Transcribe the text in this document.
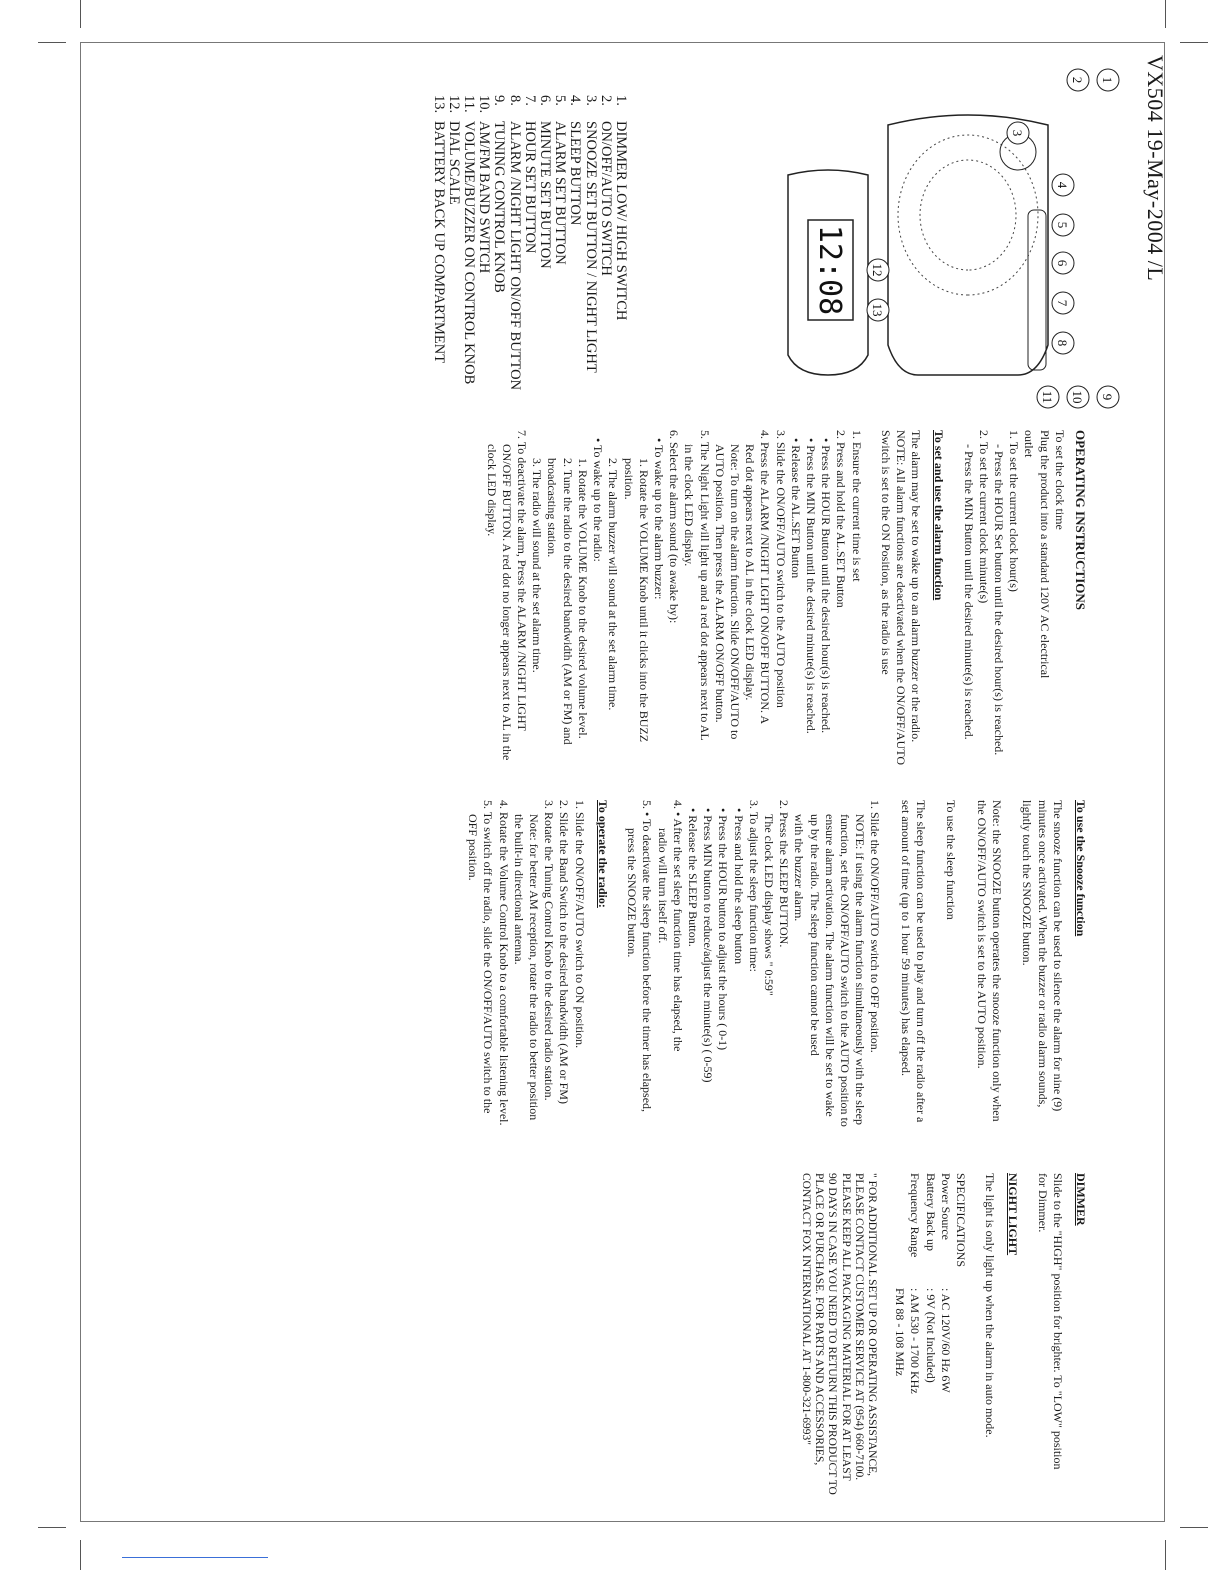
VX504 19-May-2004 /L
12:08
1
2
3
4
5
6
7
8
9
10
11
12
13
1.DIMMER LOW/ HIGH SWITCH
2.ON/OFF/AUTO SWITCH
3.SNOOZE SET BUTTON / NIGHT LIGHT
4.SLEEP BUTTON
5.ALARM SET BUTTON
6.MINUTE SET BUTTON
7.HOUR SET BUTTON
8.ALARM /NIGHT LIGHT ON/OFF BUTTON
9.TUNING CONTROL KNOB
10.AM/FM BAND SWITCH
11.VOLUME/BUZZER ON CONTROL KNOB
12.DIAL SCALE
13.BATTERY BACK UP COMPARTMENT

OPERATING INSTRUCTIONS

To set the clock time

Plug the product into a standard 120V AC electrical

outlet

1. To set the current clock hour(s)

- Press the HOUR Set button until the desired hour(s) is reached.

2. To set the current clock minute(s)

- Press the MIN Button until the desired minute(s) is reached.

To set and use the alarm function

The alarm may be set to wake up to an alarm buzzer or the radio.

NOTE: All alarm functions are deactivated when the ON/OFF/AUTO

Switch is set to the ON Position, as the radio is use

1. Ensure the current time is set

2. Press and hold the AL.SET Button

• Press the HOUR Button until the desired hour(s) is reached.

• Press the MIN Button until the desired minute(s) is reached.

• Release the AL.SET Button

3. Slide the ON/OFF/AUTO switch to the AUTO position

4. Press the ALARM /NIGHT LIGHT ON/OFF BUTTON. A

Red dot appears next to AL in the clock LED display.

Note: To turn on the alarm function. Slide ON/OFF/AUTO to

AUTO position. Then press the ALARM ON/OFF button.

5. The Night Light will light up and a red dot appears next to AL

in the clock LED display.

6. Select the alarm sound (to awake by):

• To wake up to the alarm buzzer:

1. Rotate the VOLUME Knob until it clicks into the BUZZ

position.

2. The alarm buzzer will sound at the set alarm time.

• To wake up to the radio:

1. Rotate the VOLUME Knob to the desired volume level.

2. Tune the radio to the desired bandwidth (AM or FM) and

broadcasting station.

3. The radio will sound at the set alarm time.

7. To deactivate the alarm, Press the ALARM /NIGHT LIGHT

ON/OFF BUTTON. A red dot no longer appears next to AL in the

clock LED display.

To use the Snooze function

The snooze function can be used to silence the alarm for nine (9)

minutes once activated. When the buzzer or radio alarm sounds,

lightly touch the SNOOZE button.

Note: the SNOOZE button operates the snooze function only when

the ON/OFF/AUTO switch is set to the AUTO position.

To use the sleep function

The sleep function can be used to play and turn off the radio after a

set amount of time (up to 1 hour 59 minutes) has elapsed.

1. Slide the ON/OFF/AUTO switch to OFF position.

NOTE: if using the alarm function simultaneously with the sleep

function, set the ON/OFF/AUTO switch to the AUTO position to

ensure alarm activation. The alarm function will be set to wake

up by the radio. The sleep function cannot be used

with the buzzer alarm.

2. Press the SLEEP BUTTON.

The clock LED display shows " 0:59"

3. To adjust the sleep function time:

• Press and hold the sleep button

• Press the HOUR button to adjust the hours ( 0-1)

• Press MIN button to reduce/adjust the minute(s) ( 0-59)

• Release the SLEEP Button.

4. • After the set sleep function time has elapsed, the

radio will turn itself off.

5. • To deactivate the sleep function before the timer has elapsed,

press the SNOOZE button.

To operate the radio:

1. Slide the ON/OFF/AUTO switch to ON position.

2. Slide the Band Switch to the desired bandwidth (AM or FM)

3. Rotate the Tuning Control Knob to the desired radio station.

Note: for better AM reception, rotate the radio to better position

the built-in directional antenna.

4. Rotate the Volume Control Knob to a comfortable listening level.

5. To switch off the radio, slide the ON/OFF/AUTO switch to the

OFF position.

DIMMER

Slide to the "HIGH" position for brighter. To "LOW" position

for Dimmer.

NIGHT LIGHT

The light is only light up when the alarm in auto mode.

SPECIFICATIONS

Power Source: AC 120V/60 Hz 6W

Battery Back up: 9V (Not Included)

Frequency Range: AM 530 - 1700 KHz

FM 88 - 108 MHz

" FOR ADDITIONAL SET UP OR OPERATING ASSISTANCE,

PLEASE CONTACT CUSTOMER SERVICE AT (954) 660-7100.

PLEASE KEEP ALL PACKAGING MATERIAL FOR AT LEAST

90 DAYS IN CASE YOU NEED TO RETURN THIS PRODUCT TO

PLACE OR PURCHASE. FOR PARTS AND ACCESSORIES,

CONTACT FOX INTERNATIONAL AT 1-800-321-6993"
